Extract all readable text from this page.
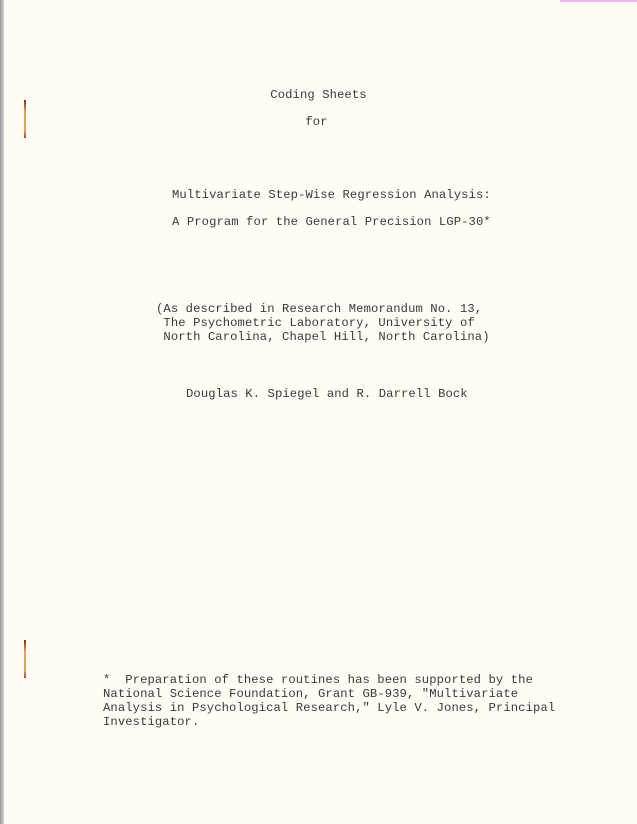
Coding Sheets
for
Multivariate Step-Wise Regression Analysis:
A Program for the General Precision LGP-30*
(As described in Research Memorandum No. 13,
The Psychometric Laboratory, University of
North Carolina, Chapel Hill, North Carolina)
Douglas K. Spiegel and R. Darrell Bock
*  Preparation of these routines has been supported by the
National Science Foundation, Grant GB-939, "Multivariate
Analysis in Psychological Research," Lyle V. Jones, Principal
Investigator.
